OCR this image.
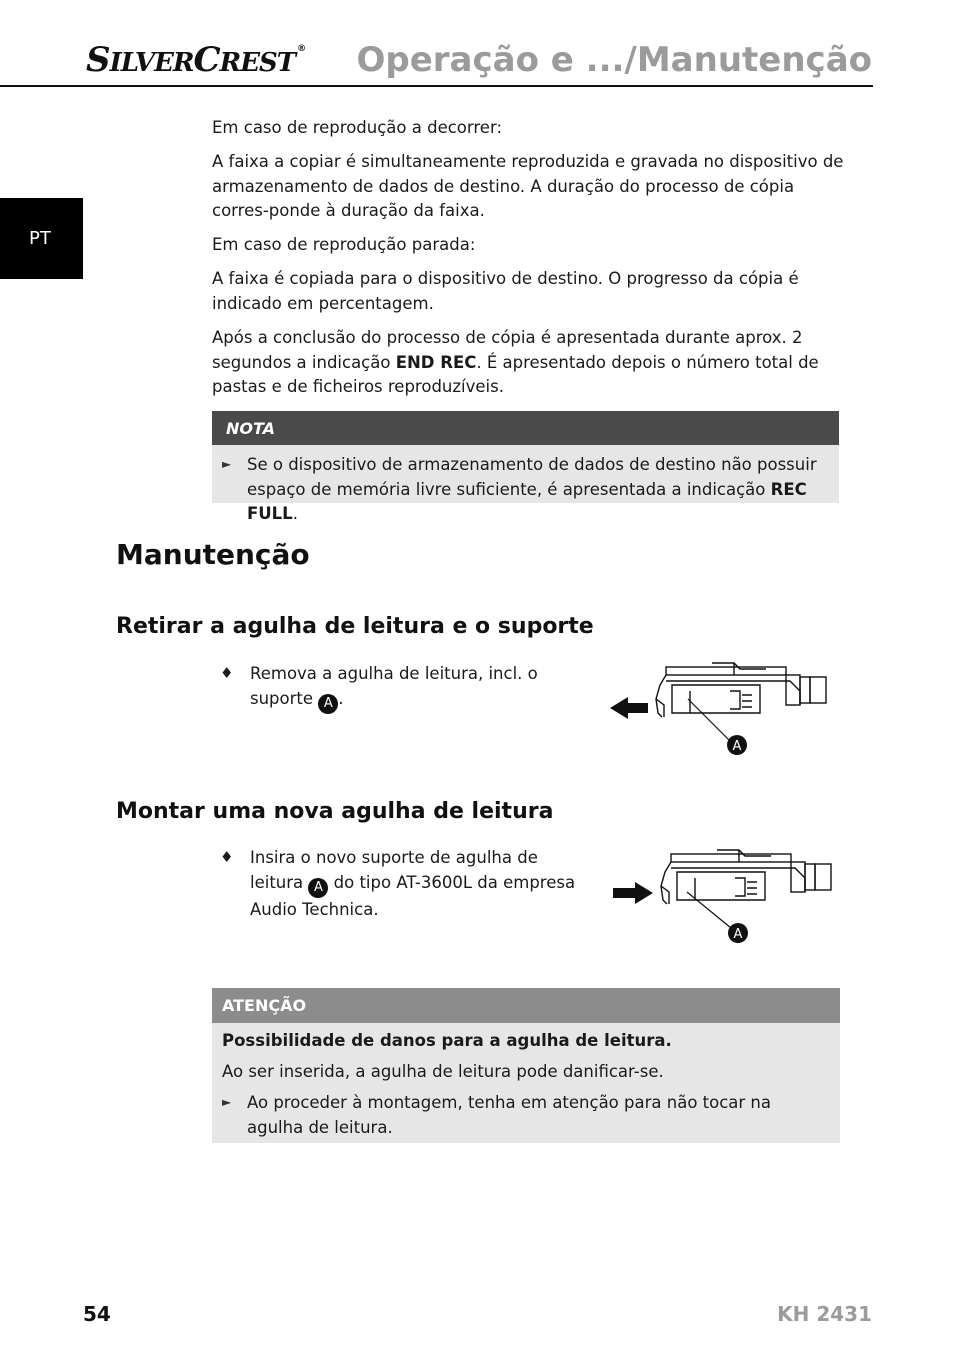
SILVERCREST ® Operação e .../Manutenção
PT
Em caso de reprodução a decorrer:
A faixa a copiar é simultaneamente reproduzida e gravada no dispositivo de armazenamento de dados de destino. A duração do processo de cópia corres-ponde à duração da faixa.
Em caso de reprodução parada:
A faixa é copiada para o dispositivo de destino. O progresso da cópia é indicado em percentagem.
Após a conclusão do processo de cópia é apresentada durante aprox. 2 segundos a indicação END REC. É apresentado depois o número total de pastas e de ficheiros reproduzíveis.
NOTA
► Se o dispositivo de armazenamento de dados de destino não possuir espaço de memória livre suficiente, é apresentada a indicação REC FULL.
Manutenção
Retirar a agulha de leitura e o suporte
♦ Remova a agulha de leitura, incl. o suporte A .
A
Montar uma nova agulha de leitura
♦ Insira o novo suporte de agulha de leitura A do tipo AT-3600L da empresa Audio Technica.
A
ATENÇÃO
Possibilidade de danos para a agulha de leitura.
Ao ser inserida, a agulha de leitura pode danificar-se.
► Ao proceder à montagem, tenha em atenção para não tocar na agulha de leitura.
54	KH 2431
